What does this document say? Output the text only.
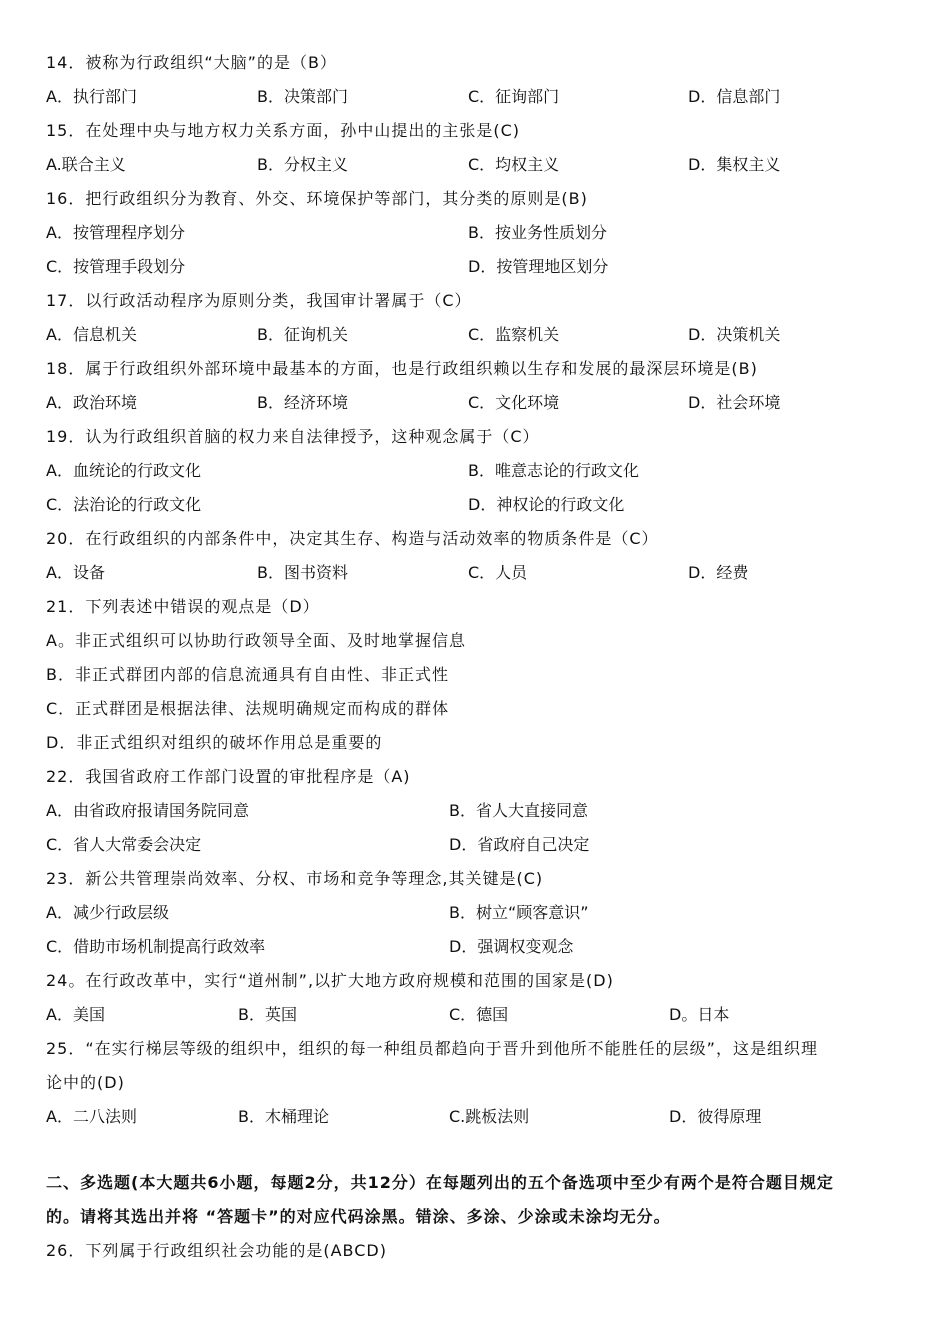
14．被称为行政组织“大脑”的是（B）
A．执行部门	B．决策部门	C．征询部门	D．信息部门
15．在处理中央与地方权力关系方面，孙中山提出的主张是(C)
A.联合主义	B．分权主义	C．均权主义	D．集权主义
16．把行政组织分为教育、外交、环境保护等部门，其分类的原则是(B)
A．按管理程序划分	B．按业务性质划分
C．按管理手段划分	D．按管理地区划分
17．以行政活动程序为原则分类，我国审计署属于（C）
A．信息机关	B．征询机关	C．监察机关	D．决策机关
18．属于行政组织外部环境中最基本的方面，也是行政组织赖以生存和发展的最深层环境是(B)
A．政治环境	B．经济环境	C．文化环境	D．社会环境
19．认为行政组织首脑的权力来自法律授予，这种观念属于（C）
A．血统论的行政文化	B．唯意志论的行政文化
C．法治论的行政文化	D．神权论的行政文化
20．在行政组织的内部条件中，决定其生存、构造与活动效率的物质条件是（C）
A．设备	B．图书资料	C．人员	D．经费
21．下列表述中错误的观点是（D）
A。非正式组织可以协助行政领导全面、及时地掌握信息
B．非正式群团内部的信息流通具有自由性、非正式性
C．正式群团是根据法律、法规明确规定而构成的群体
D．非正式组织对组织的破坏作用总是重要的
22．我国省政府工作部门设置的审批程序是（A)
A．由省政府报请国务院同意	B．省人大直接同意
C．省人大常委会决定	D．省政府自己决定
23．新公共管理崇尚效率、分权、市场和竞争等理念,其关键是(C)
A．减少行政层级	B．树立“顾客意识”
C．借助市场机制提高行政效率	D．强调权变观念
24。在行政改革中，实行“道州制”,以扩大地方政府规模和范围的国家是(D)
A．美国	B．英国	C．德国	D。日本
25．“在实行梯层等级的组织中，组织的每一种组员都趋向于晋升到他所不能胜任的层级”，这是组织理
论中的(D)
A．二八法则	B．木桶理论	C.跳板法则	D．彼得原理
二、多选题(本大题共6小题，每题2分，共12分）在每题列出的五个备选项中至少有两个是符合题目规定
的。请将其选出并将 “答题卡”的对应代码涂黑。错涂、多涂、少涂或未涂均无分。
26．下列属于行政组织社会功能的是(ABCD)
